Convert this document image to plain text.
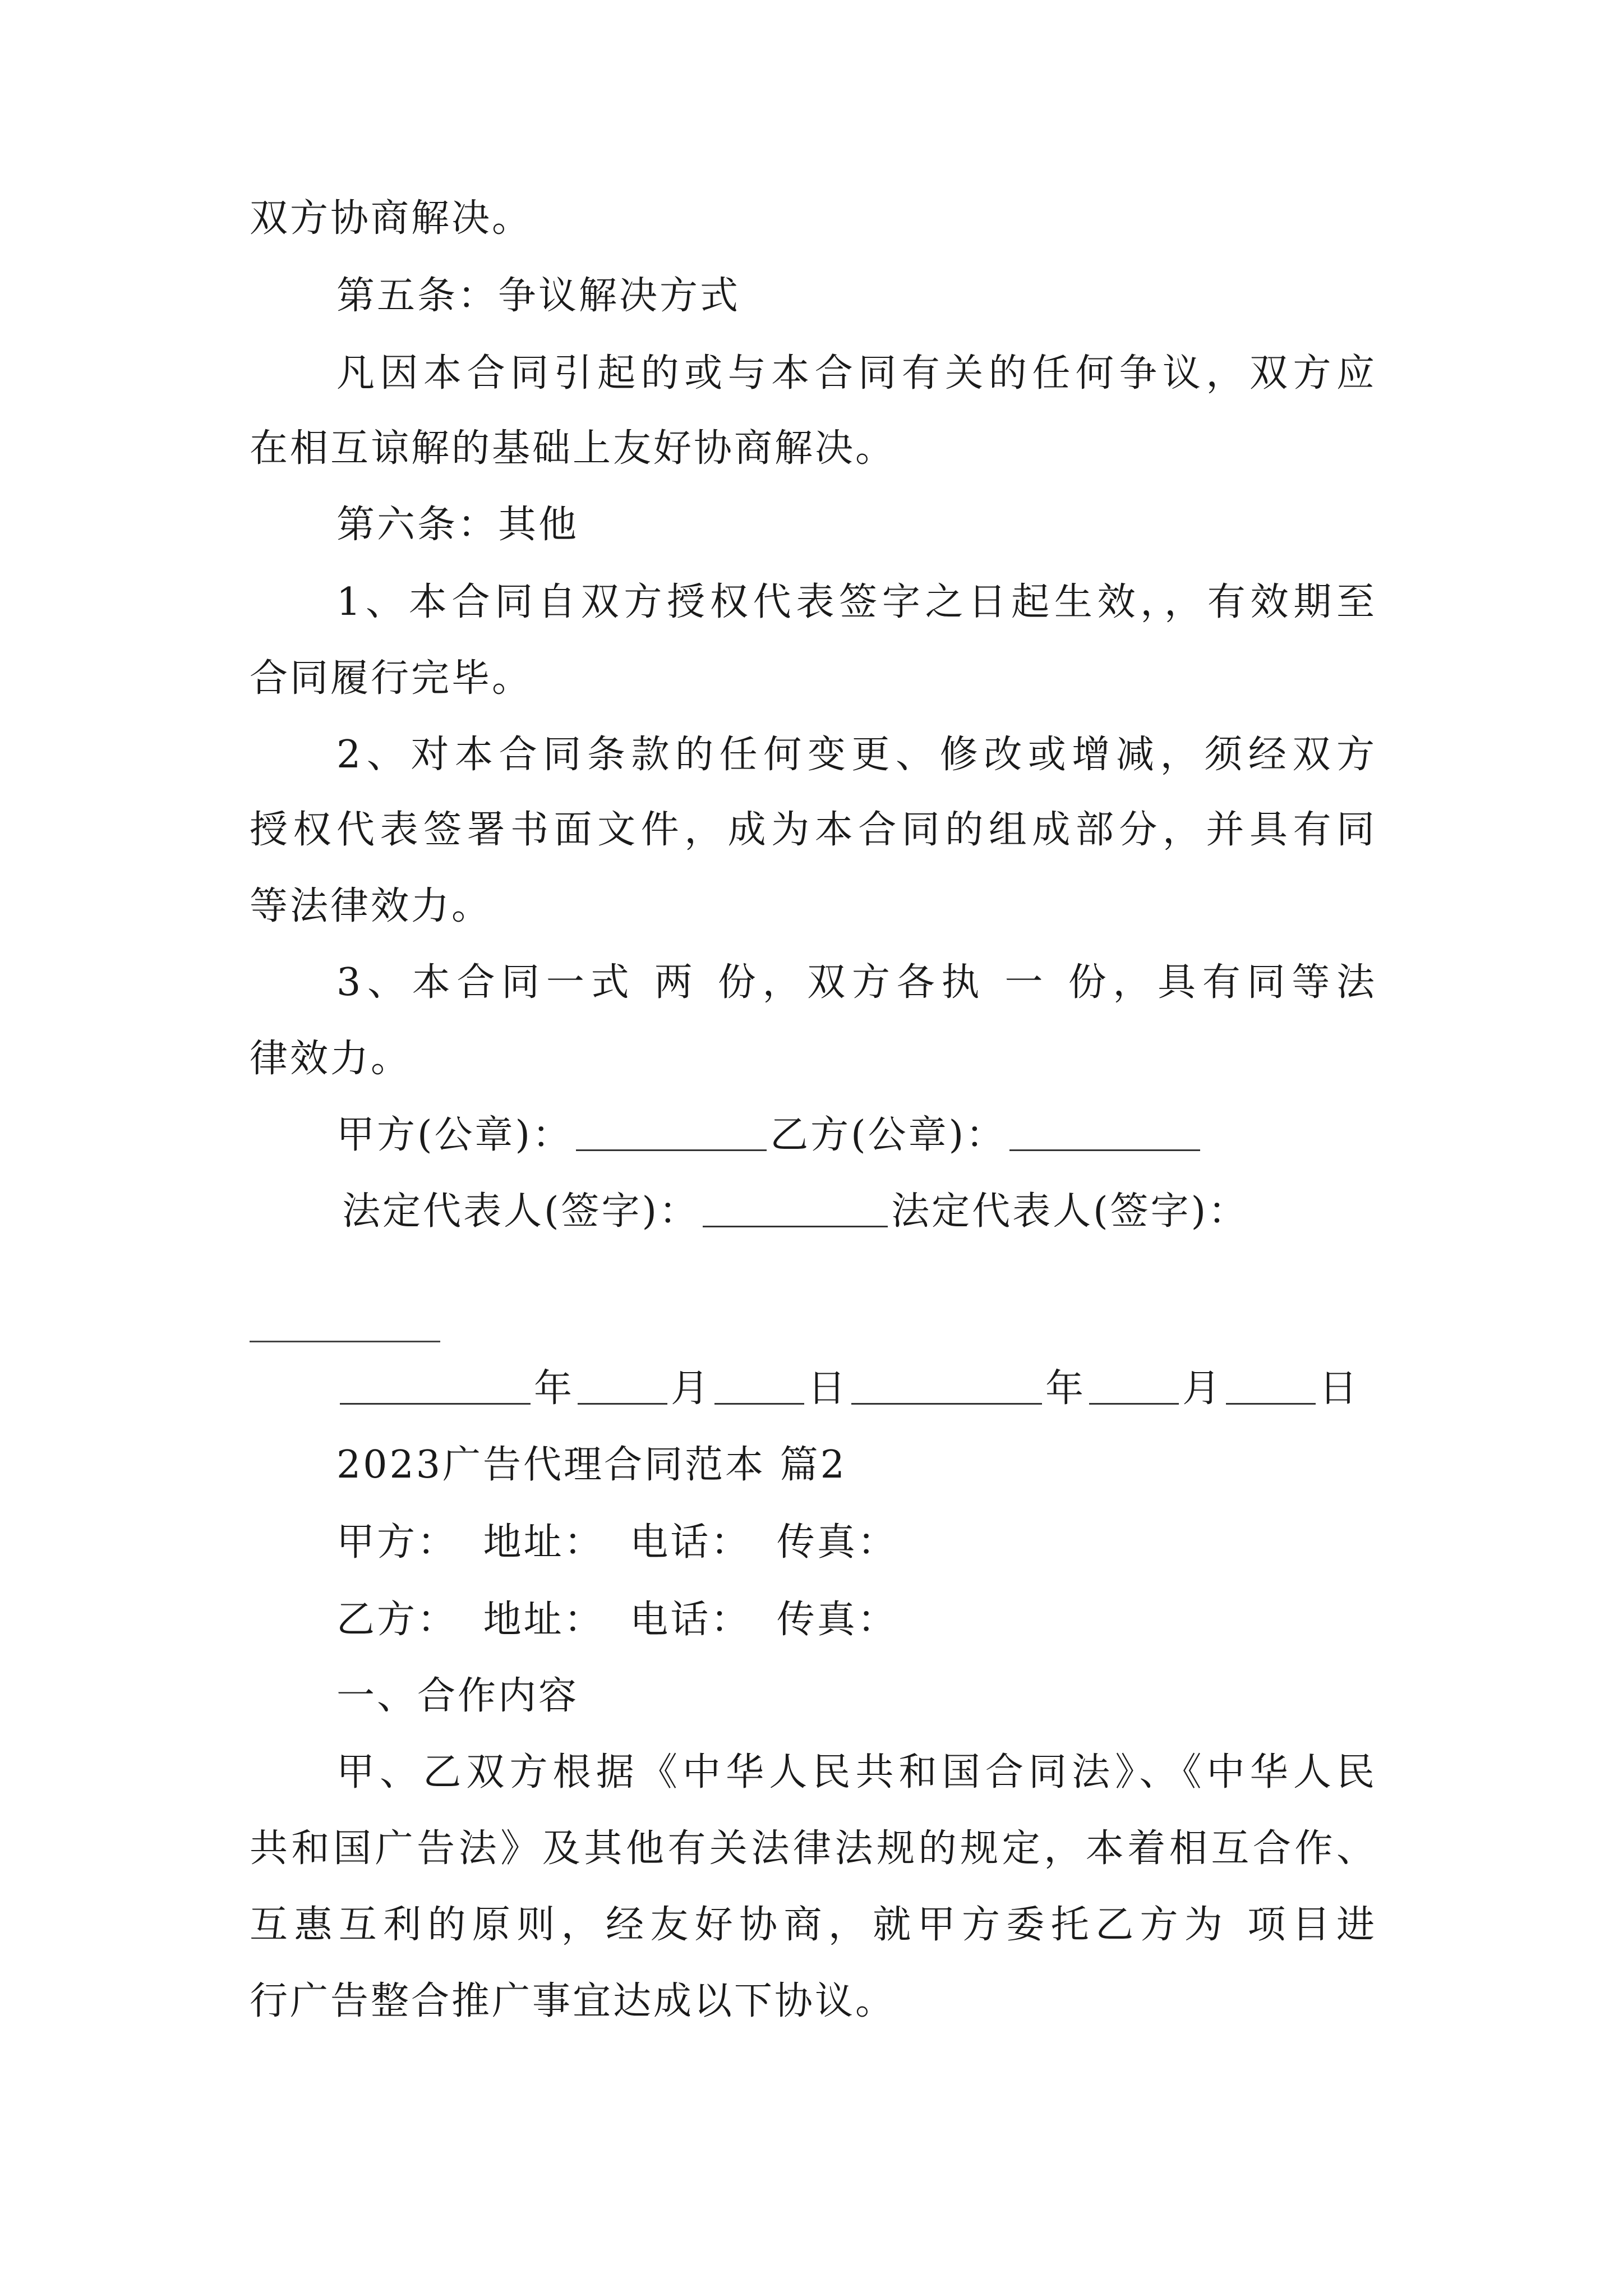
双方协商解决。
第五条：争议解决方式
凡因本合同引起的或与本合同有关的任何争议，双方应
在相互谅解的基础上友好协商解决。
第六条：其他
1、本合同自双方授权代表签字之日起生效，，有效期至
合同履行完毕。
2、对本合同条款的任何变更、修改或增减，须经双方
授权代表签署书面文件，成为本合同的组成部分，并具有同
等法律效力。
3、本合同一式 两 份，双方各执 一 份，具有同等法
律效力。
甲方(公章)：	乙方(公章)：
法定代表人(签字)：	法定代表人(签字)：
年	月	日	年	月	日
2023广告代理合同范本 篇2
甲方： 地址： 电话： 传真：
乙方： 地址： 电话： 传真：
一、合作内容
甲、乙双方根据《中华人民共和国合同法》、《中华人民
共和国广告法》及其他有关法律法规的规定，本着相互合作、
互惠互利的原则，经友好协商，就甲方委托乙方为 项目进
行广告整合推广事宜达成以下协议。
